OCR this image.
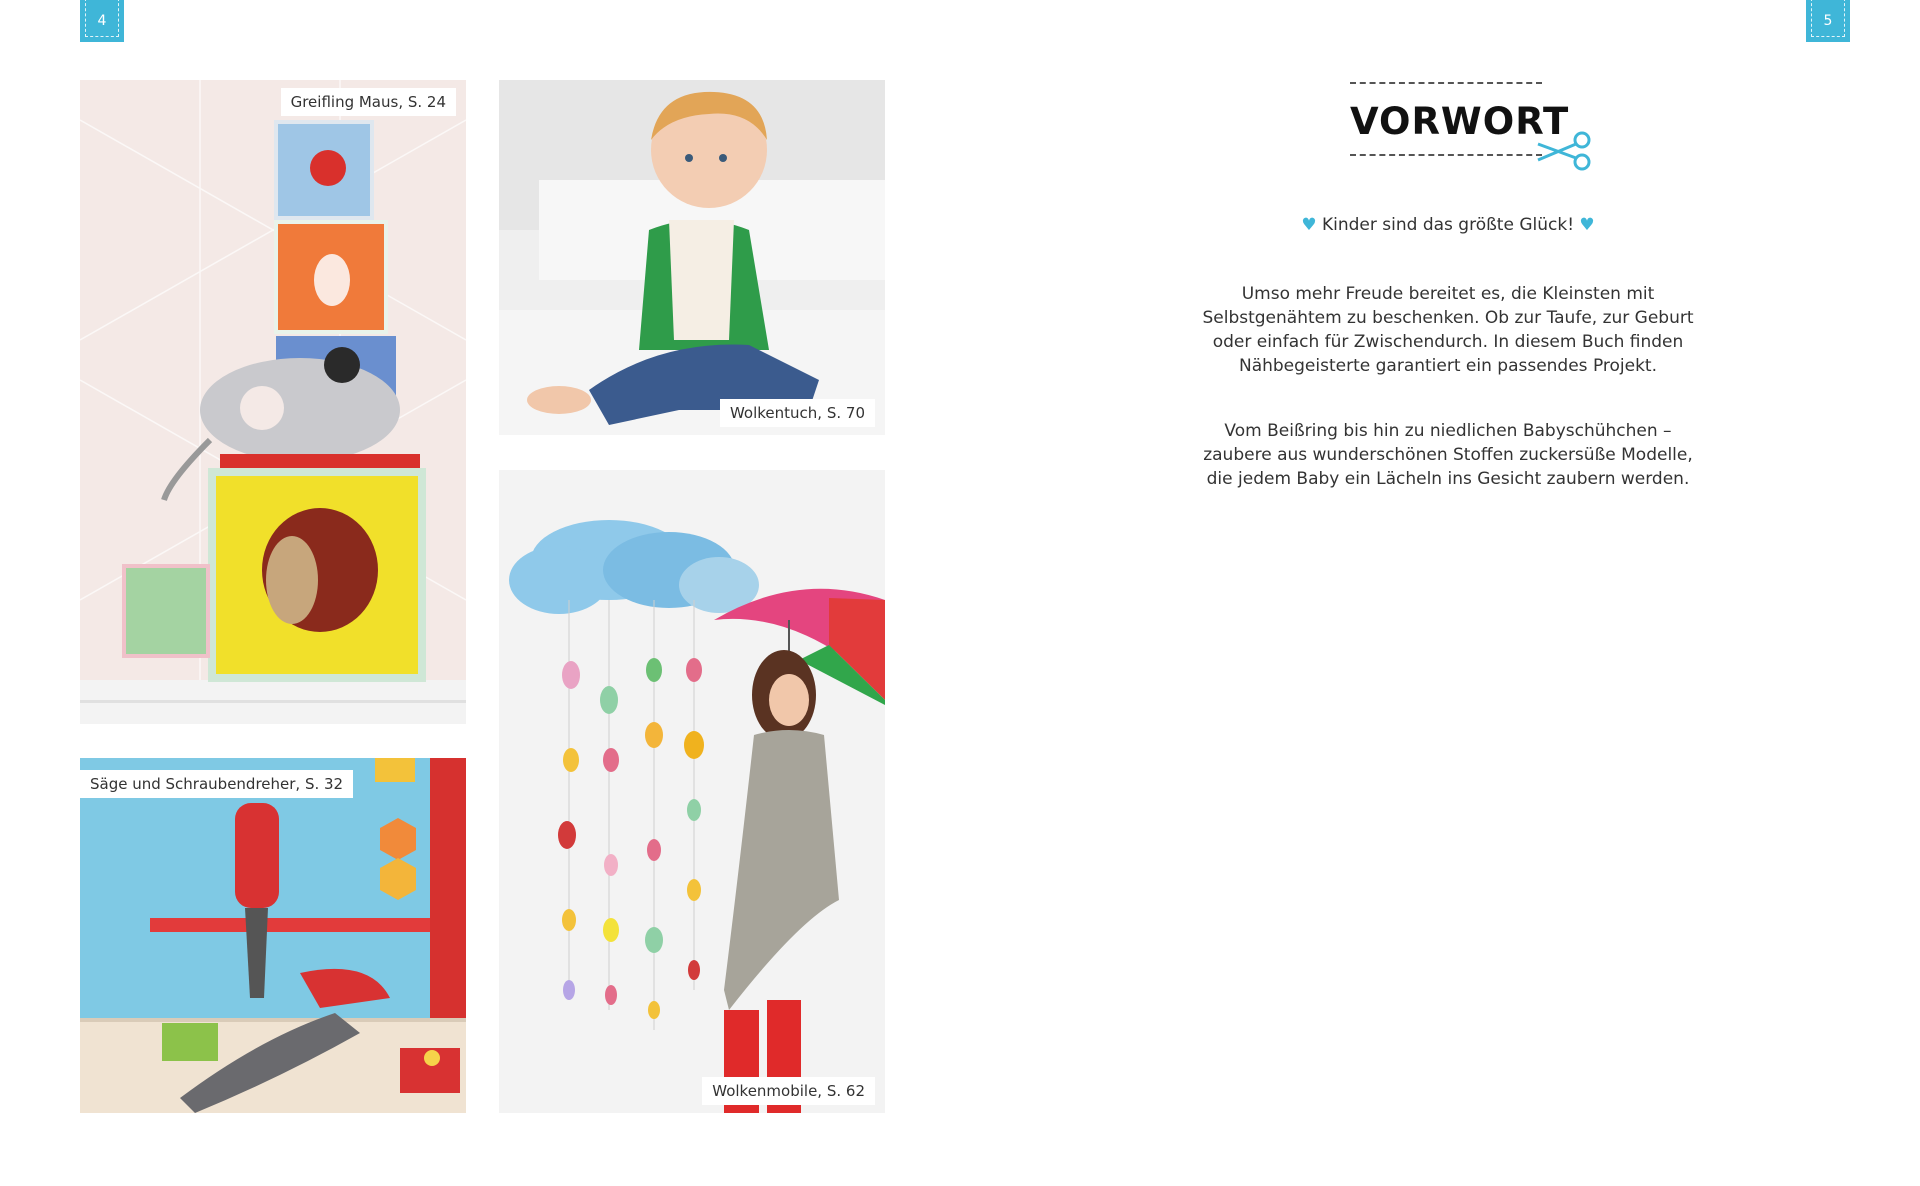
4	5
Greifling Maus, S. 24
Wolkentuch, S. 70
Säge und Schraubendreher, S. 32
Wolkenmobile, S. 62
VORWORT
♥ Kinder sind das größte Glück! ♥

Umso mehr Freude bereitet es, die Kleinsten mit Selbstgenähtem zu beschenken. Ob zur Taufe, zur Geburt oder einfach für Zwischendurch. In diesem Buch finden Nähbegeisterte garantiert ein passendes Projekt.

Vom Beißring bis hin zu niedlichen Babyschühchen – zaubere aus wunderschönen Stoffen zuckersüße Modelle, die jedem Baby ein Lächeln ins Gesicht zaubern werden.
